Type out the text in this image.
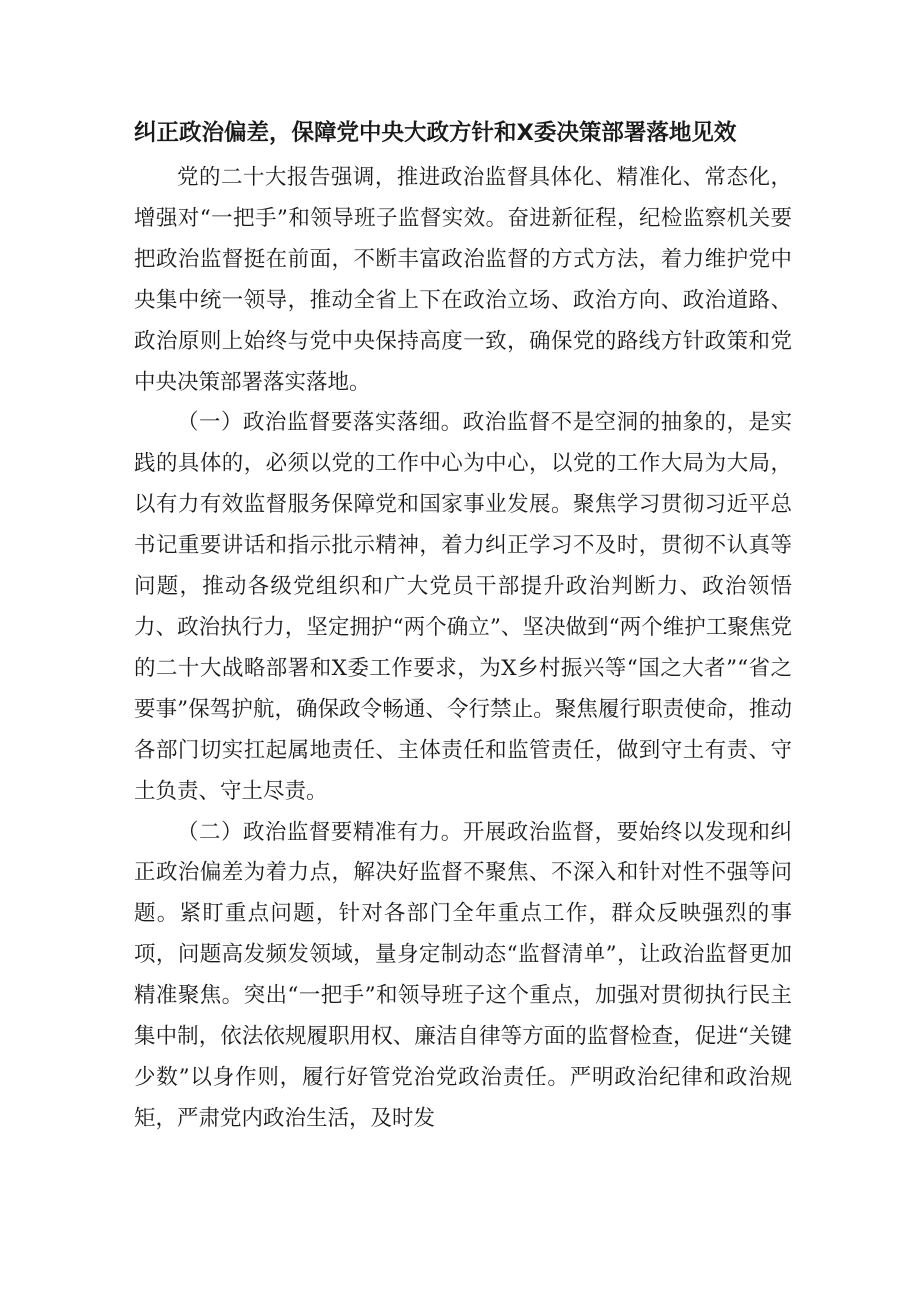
纠正政治偏差，保障党中央大政方针和X委决策部署落地见效

党的二十大报告强调，推进政治监督具体化、精准化、常态化，增强对“一把手”和领导班子监督实效。奋进新征程，纪检监察机关要把政治监督挺在前面，不断丰富政治监督的方式方法，着力维护党中央集中统一领导，推动全省上下在政治立场、政治方向、政治道路、政治原则上始终与党中央保持高度一致，确保党的路线方针政策和党中央决策部署落实落地。

（一）政治监督要落实落细。政治监督不是空洞的抽象的，是实践的具体的，必须以党的工作中心为中心，以党的工作大局为大局，以有力有效监督服务保障党和国家事业发展。聚焦学习贯彻习近平总书记重要讲话和指示批示精神，着力纠正学习不及时，贯彻不认真等问题，推动各级党组织和广大党员干部提升政治判断力、政治领悟力、政治执行力，坚定拥护“两个确立”、坚决做到“两个维护工聚焦党的二十大战略部署和X委工作要求，为X乡村振兴等“国之大者”“省之要事”保驾护航，确保政令畅通、令行禁止。聚焦履行职责使命，推动各部门切实扛起属地责任、主体责任和监管责任，做到守土有责、守土负责、守土尽责。

（二）政治监督要精准有力。开展政治监督，要始终以发现和纠正政治偏差为着力点，解决好监督不聚焦、不深入和针对性不强等问题。紧盯重点问题，针对各部门全年重点工作，群众反映强烈的事项，问题高发频发领域，量身定制动态“监督清单”，让政治监督更加精准聚焦。突出“一把手”和领导班子这个重点，加强对贯彻执行民主集中制，依法依规履职用权、廉洁自律等方面的监督检查，促进“关键少数”以身作则，履行好管党治党政治责任。严明政治纪律和政治规矩，严肃党内政治生活，及时发
